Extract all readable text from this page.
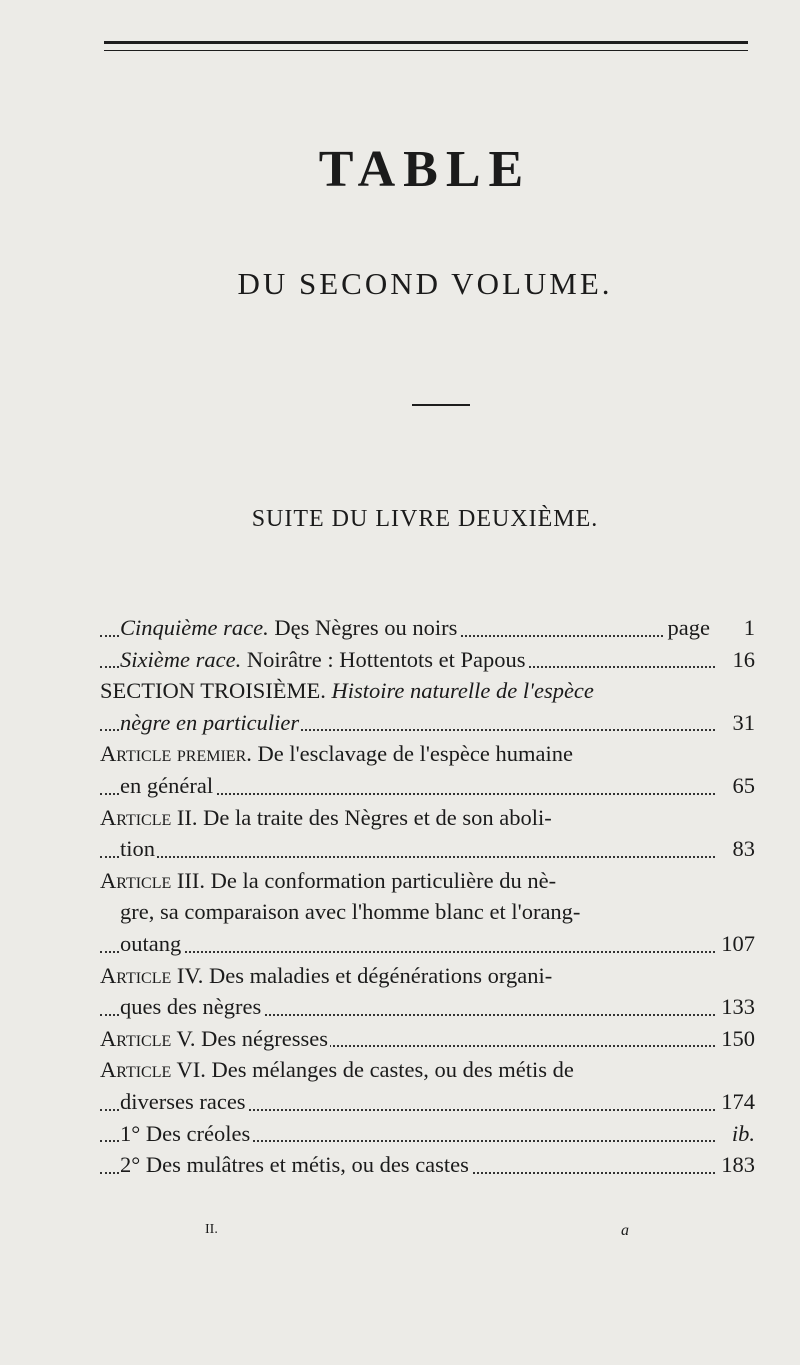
TABLE
DU SECOND VOLUME.
SUITE DU LIVRE DEUXIÈME.
Cinquième race. Dęs Nègres ou noirs	page 1
Sixième race. Noirâtre : Hottentots et Papous	16
SECTION TROISIÈME. Histoire naturelle de l'espèce
nègre en particulier	31
Article premier. De l'esclavage de l'espèce humaine
en général	65
Article II. De la traite des Nègres et de son aboli-
tion	83
Article III. De la conformation particulière du nè-
gre, sa comparaison avec l'homme blanc et l'orang-
outang	107
Article IV. Des maladies et dégénérations organi-
ques des nègres	133
Article V. Des négresses	150
Article VI. Des mélanges de castes, ou des métis de
diverses races	174
1° Des créoles	ib.
2° Des mulâtres et métis, ou des castes	183
II.	a
